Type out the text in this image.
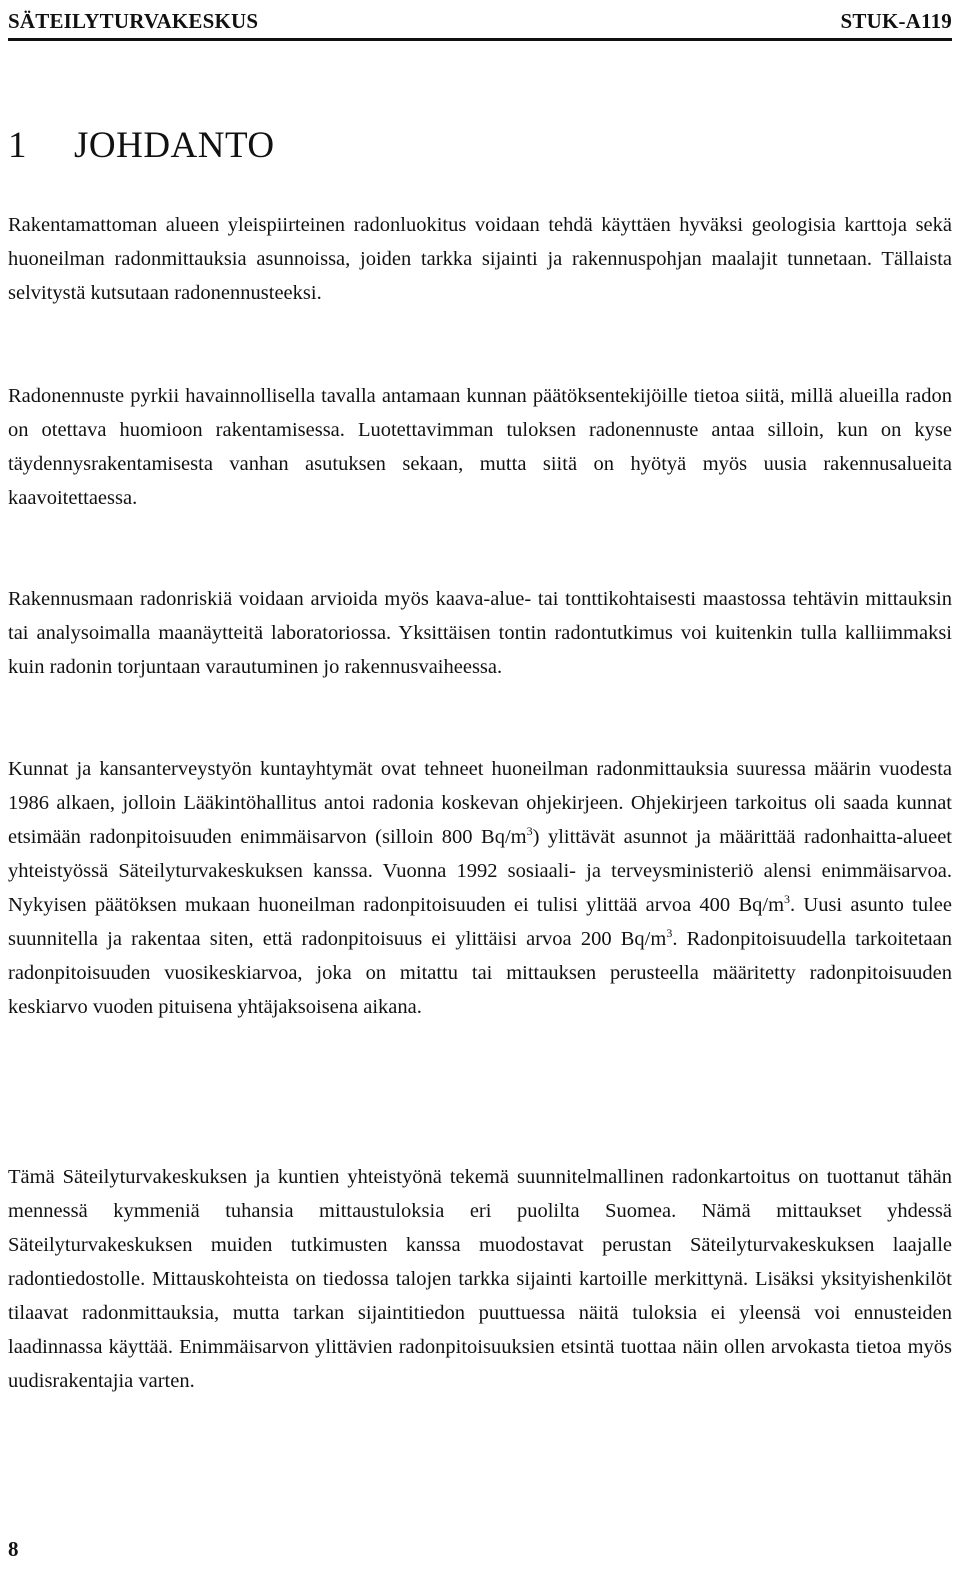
SÄTEILYTURVAKESKUS	STUK-A119
1 JOHDANTO

Rakentamattoman alueen yleispiirteinen radonluokitus voidaan tehdä käyttäen hyväksi geologisia karttoja sekä huoneilman radonmittauksia asunnoissa, joiden tarkka sijainti ja rakennuspohjan maalajit tunnetaan. Tällaista selvitystä kutsutaan radonennusteeksi.

Radonennuste pyrkii havainnollisella tavalla antamaan kunnan päätöksentekijöille tietoa siitä, millä alueilla radon on otettava huomioon rakentamisessa. Luotettavimman tuloksen radonennuste antaa silloin, kun on kyse täydennysrakentamisesta vanhan asutuksen sekaan, mutta siitä on hyötyä myös uusia rakennusalueita kaavoitettaessa.

Rakennusmaan radonriskiä voidaan arvioida myös kaava-alue- tai tonttikohtaisesti maastossa tehtävin mittauksin tai analysoimalla maanäytteitä laboratoriossa. Yksittäisen tontin radontutkimus voi kuitenkin tulla kalliimmaksi kuin radonin torjuntaan varautuminen jo rakennusvaiheessa.

Kunnat ja kansanterveystyön kuntayhtymät ovat tehneet huoneilman radonmittauksia suuressa määrin vuodesta 1986 alkaen, jolloin Lääkintöhallitus antoi radonia koskevan ohjekirjeen. Ohjekirjeen tarkoitus oli saada kunnat etsimään radonpitoisuuden enimmäisarvon (silloin 800 $Bq/m^3$) ylittävät asunnot ja määrittää radonhaitta-alueet yhteistyössä Säteilyturvakeskuksen kanssa. Vuonna 1992 sosiaali- ja terveysministeriö alensi enimmäisarvoa. Nykyisen päätöksen mukaan huoneilman radonpitoisuuden ei tulisi ylittää arvoa 400 $Bq/m^3$. Uusi asunto tulee suunnitella ja rakentaa siten, että radonpitoisuus ei ylittäisi arvoa 200 $Bq/m^3$. Radonpitoisuudella tarkoitetaan radonpitoisuuden vuosikeskiarvoa, joka on mitattu tai mittauksen perusteella määritetty radonpitoisuuden keskiarvo vuoden pituisena yhtäjaksoisena aikana.

Tämä Säteilyturvakeskuksen ja kuntien yhteistyönä tekemä suunnitelmallinen radonkartoitus on tuottanut tähän mennessä kymmeniä tuhansia mittaustuloksia eri puolilta Suomea. Nämä mittaukset yhdessä Säteilyturvakeskuksen muiden tutkimusten kanssa muodostavat perustan Säteilyturvakeskuksen laajalle radontiedostolle. Mittauskohteista on tiedossa talojen tarkka sijainti kartoille merkittynä. Lisäksi yksityishenkilöt tilaavat radonmittauksia, mutta tarkan sijaintitiedon puuttuessa näitä tuloksia ei yleensä voi ennusteiden laadinnassa käyttää. Enimmäisarvon ylittävien radonpitoisuuksien etsintä tuottaa näin ollen arvokasta tietoa myös uudisrakentajia varten.

8
